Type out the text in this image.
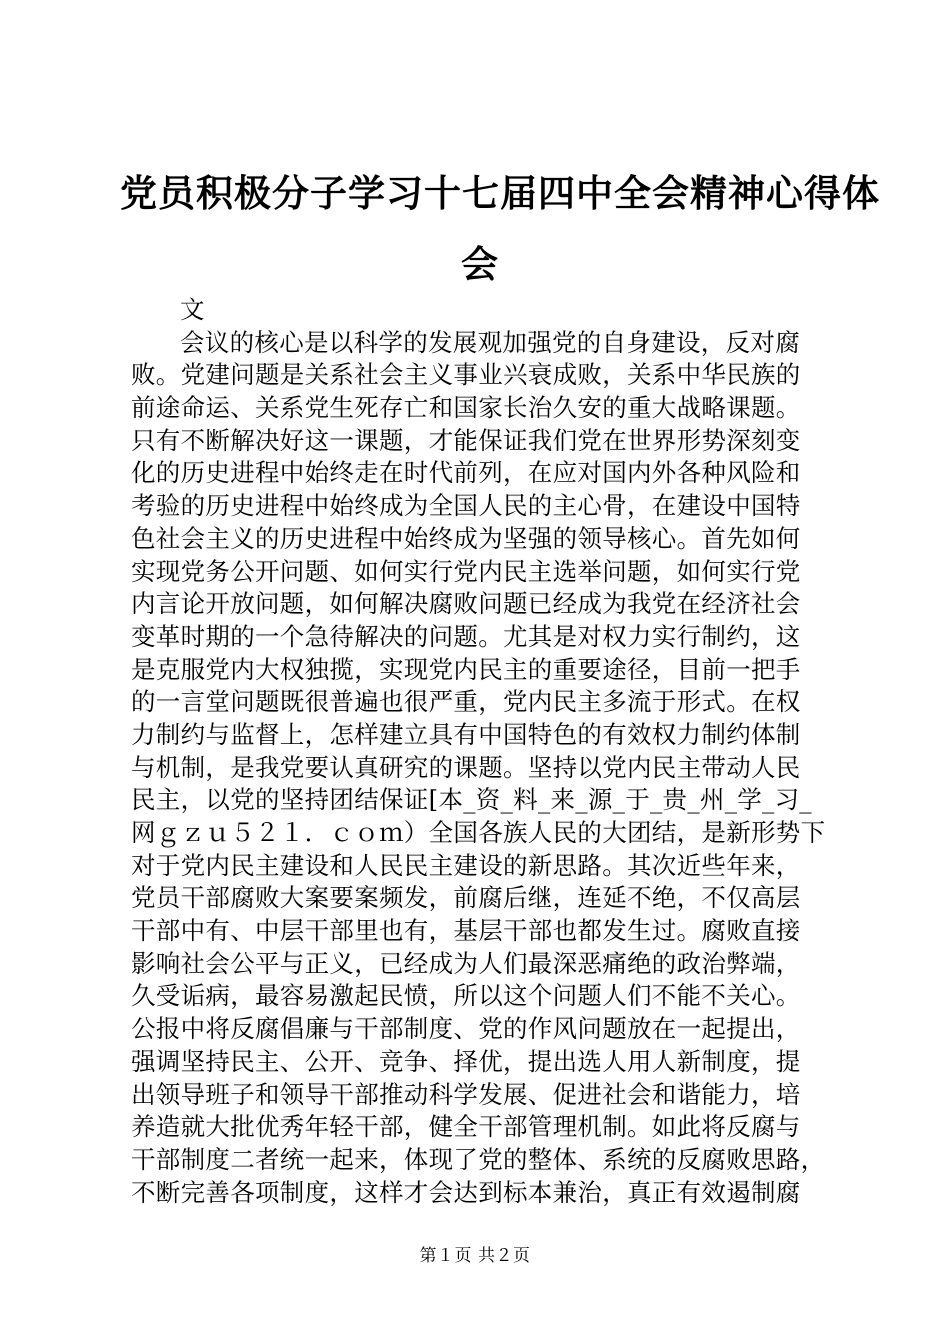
党员积极分子学习十七届四中全会精神心得体
会
文
会议的核心是以科学的发展观加强党的自身建设，反对腐
败。党建问题是关系社会主义事业兴衰成败，关系中华民族的
前途命运、关系党生死存亡和国家长治久安的重大战略课题。
只有不断解决好这一课题，才能保证我们党在世界形势深刻变
化的历史进程中始终走在时代前列，在应对国内外各种风险和
考验的历史进程中始终成为全国人民的主心骨，在建设中国特
色社会主义的历史进程中始终成为坚强的领导核心。首先如何
实现党务公开问题、如何实行党内民主选举问题，如何实行党
内言论开放问题，如何解决腐败问题已经成为我党在经济社会
变革时期的一个急待解决的问题。尤其是对权力实行制约，这
是克服党内大权独揽，实现党内民主的重要途径，目前一把手
的一言堂问题既很普遍也很严重，党内民主多流于形式。在权
力制约与监督上，怎样建立具有中国特色的有效权力制约体制
与机制，是我党要认真研究的课题。坚持以党内民主带动人民
民主，以党的坚持团结保证[本_资_料_来_源_于_贵_州_学_习_
网ｇｚｕ５２１．ｃｏｍ）全国各族人民的大团结，是新形势下
对于党内民主建设和人民民主建设的新思路。其次近些年来，
党员干部腐败大案要案频发，前腐后继，连延不绝，不仅高层
干部中有、中层干部里也有，基层干部也都发生过。腐败直接
影响社会公平与正义，已经成为人们最深恶痛绝的政治弊端，
久受诟病，最容易激起民愤，所以这个问题人们不能不关心。
公报中将反腐倡廉与干部制度、党的作风问题放在一起提出，
强调坚持民主、公开、竞争、择优，提出选人用人新制度，提
出领导班子和领导干部推动科学发展、促进社会和谐能力，培
养造就大批优秀年轻干部，健全干部管理机制。如此将反腐与
干部制度二者统一起来，体现了党的整体、系统的反腐败思路，
不断完善各项制度，这样才会达到标本兼治，真正有效遏制腐
第１页 共２页
